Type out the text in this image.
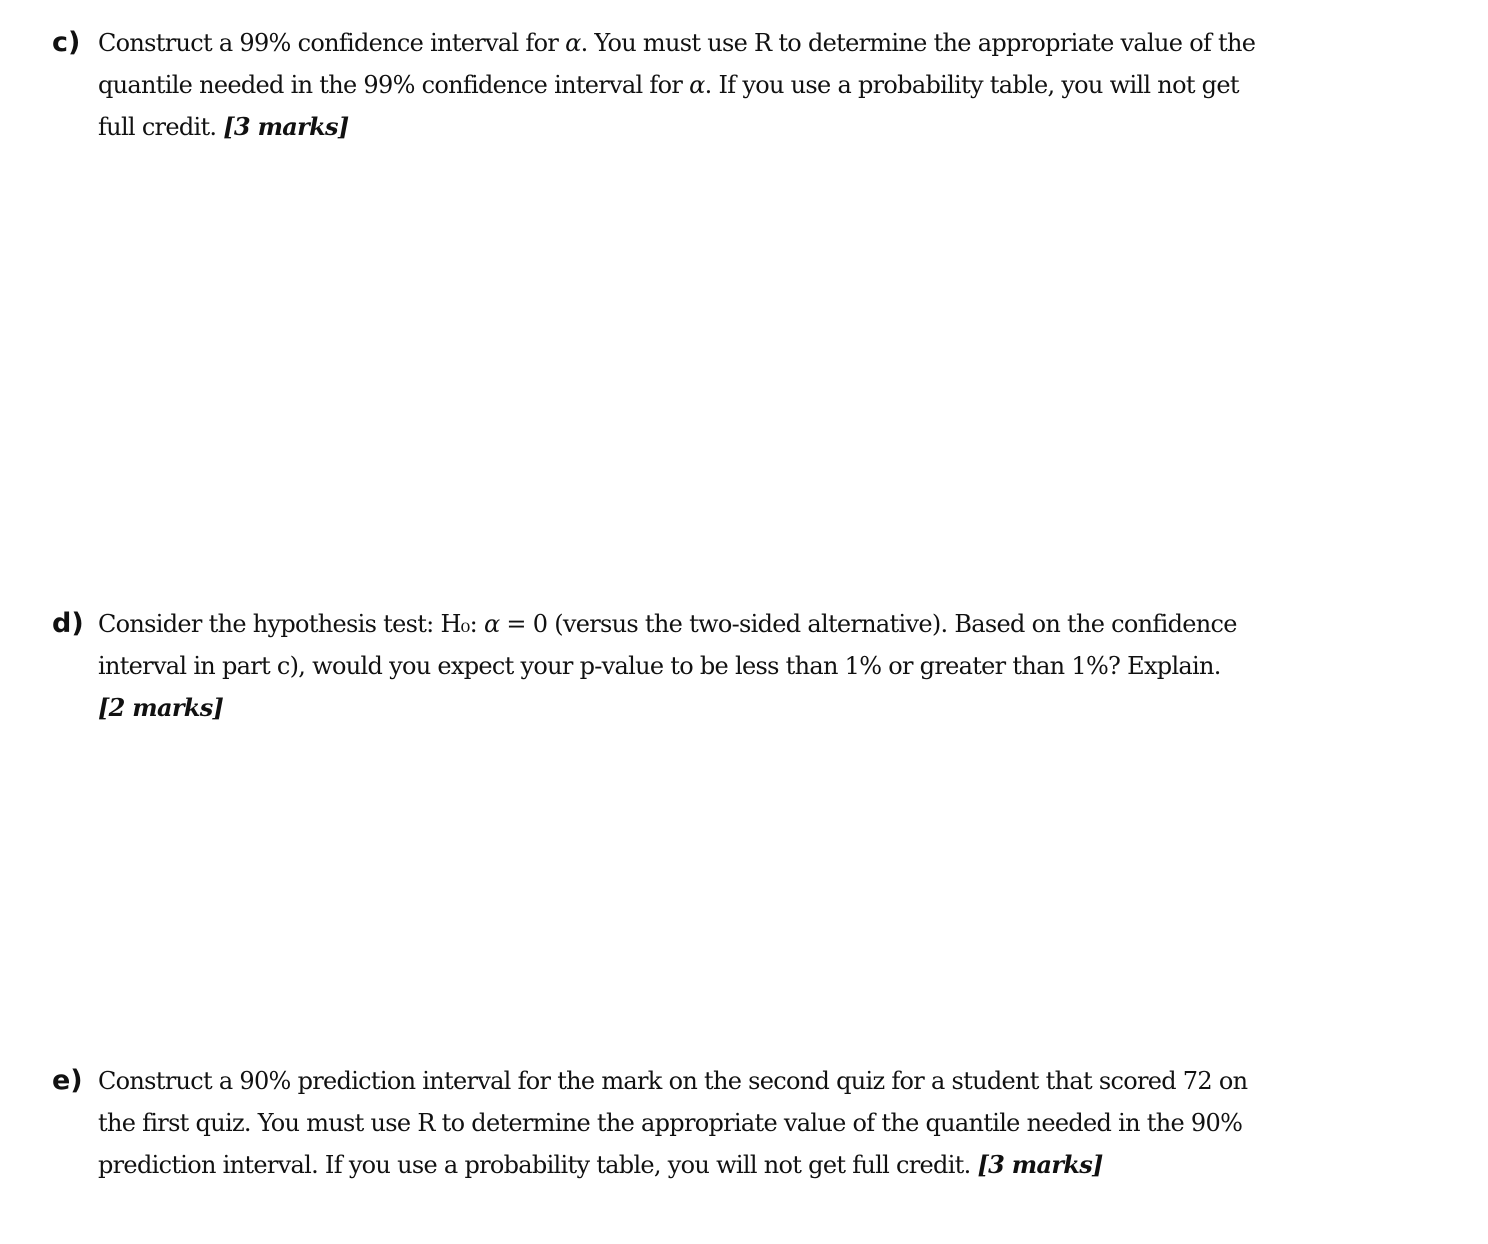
c) Construct a 99% confidence interval for α. You must use R to determine the appropriate value of the
quantile needed in the 99% confidence interval for α. If you use a probability table, you will not get
full credit. [3 marks]
d) Consider the hypothesis test: H₀: α = 0 (versus the two-sided alternative). Based on the confidence
interval in part c), would you expect your p-value to be less than 1% or greater than 1%? Explain.
[2 marks]
e) Construct a 90% prediction interval for the mark on the second quiz for a student that scored 72 on
the first quiz. You must use R to determine the appropriate value of the quantile needed in the 90%
prediction interval. If you use a probability table, you will not get full credit. [3 marks]
